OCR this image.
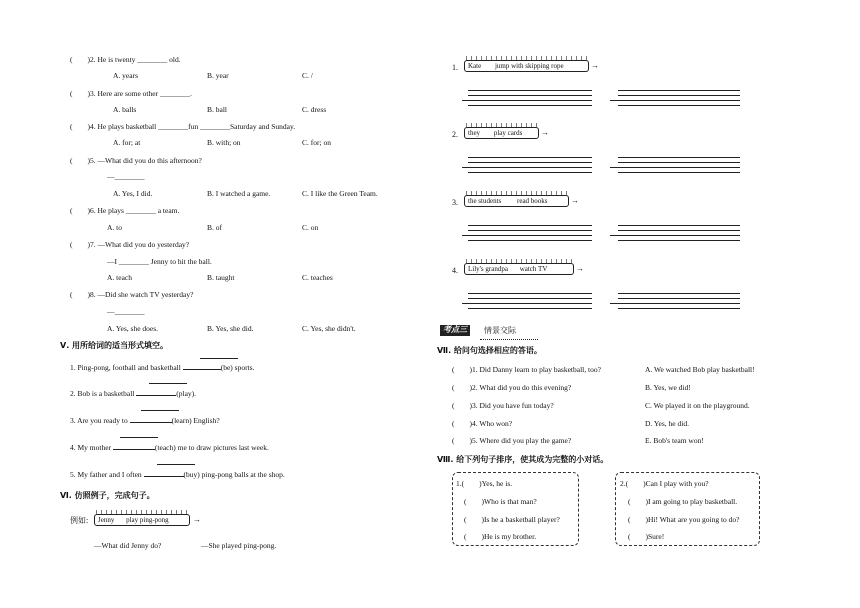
(　　)2. He is twenty ________ old.
A. years	B. year	C. /
(　　)3. Here are some other ________.
A. balls	B. ball	C. dress
(　　)4. He plays basketball ________fun ________Saturday and Sunday.
A. for; at	B. with; on	C. for; on
(　　)5. —What did you do this afternoon?
—________
A. Yes, I did.	B. I watched a game.	C. I like the Green Team.
(　　)6. He plays ________ a team.
A. to	B. of	C. on
(　　)7. —What did you do yesterday?
—I ________ Jenny to hit the ball.
A. teach	B. taught	C. teaches
(　　)8. —Did she watch TV yesterday?
—________
A. Yes, she does.	B. Yes, she did.	C. Yes, she didn't.
Ⅴ. 用所给词的适当形式填空。
1. Ping-pong, football and basketball	(be) sports.
2. Bob is a basketball	(play).
3. Are you ready to	(learn) English?
4. My mother	(teach) me to draw pictures last week.
5. My father and I often	(buy) ping-pong balls at the shop.
Ⅵ. 仿照例子，完成句子。
例如:	Jenny play ping-pong	→
—What did Jenny do?	—She played ping-pong.
1.	Kate jump with skipping rope	→
2.	they play cards	→
3.	the students read books	→
4.	Lily's grandpa watch TV	→
考点三	情景交际
Ⅶ. 给问句选择相应的答语。
(　　)1. Did Danny learn to play basketball, too?
(　　)2. What did you do this evening?
(　　)3. Did you have fun today?
(　　)4. Who won?
(　　)5. Where did you play the game?
A. We watched Bob play basketball!
B. Yes, we did!
C. We played it on the playground.
D. Yes, he did.
E. Bob's team won!
Ⅷ. 给下列句子排序，使其成为完整的小对话。
1.(　　)Yes, he is.
(　　)Who is that man?
(　　)Is he a basketball player?
(　　)He is my brother.
2.(　　)Can I play with you?
(　　)I am going to play basketball.
(　　)Hi! What are you going to do?
(　　)Sure!
